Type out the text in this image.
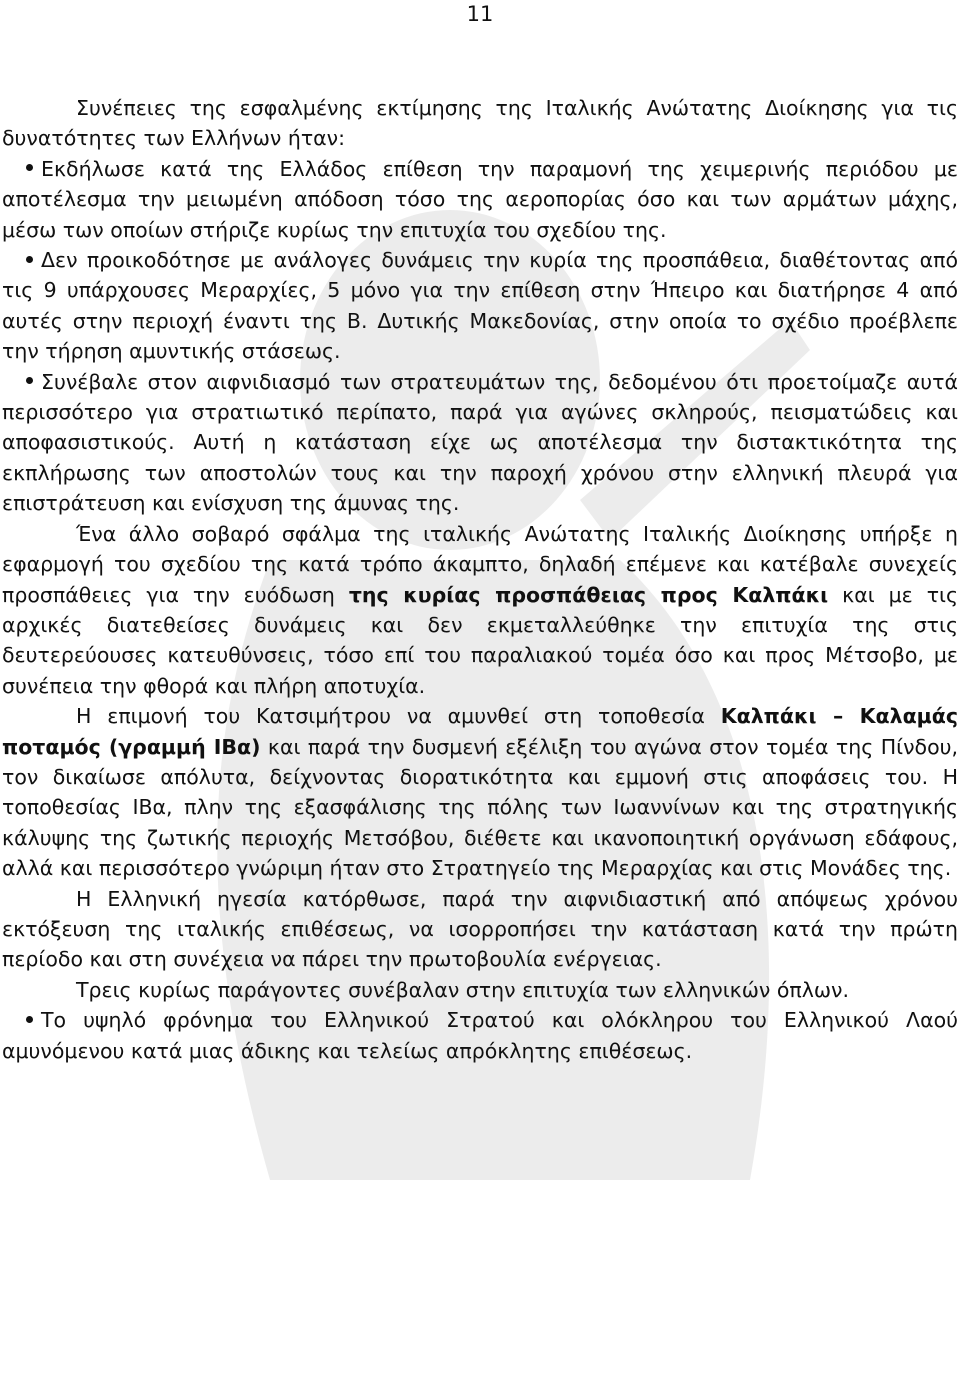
11

Συνέπειες της εσφαλμένης εκτίμησης της Ιταλικής Ανώτατης Διοίκησης για τις δυνατότητες των Ελλήνων ήταν:

Εκδήλωσε κατά της Ελλάδος επίθεση την παραμονή της χειμερινής περιόδου με αποτέλεσμα την μειωμένη απόδοση τόσο της αεροπορίας όσο και των αρμάτων μάχης, μέσω των οποίων στήριζε κυρίως την επιτυχία του σχεδίου της.

Δεν προικοδότησε με ανάλογες δυνάμεις την κυρία της προσπάθεια, διαθέτοντας από τις 9 υπάρχουσες Μεραρχίες, 5 μόνο για την επίθεση στην Ήπειρο και διατήρησε 4 από αυτές στην περιοχή έναντι της Β. Δυτικής Μακεδονίας, στην οποία το σχέδιο προέβλεπε την τήρηση αμυντικής στάσεως.

Συνέβαλε στον αιφνιδιασμό των στρατευμάτων της, δεδομένου ότι προετοίμαζε αυτά περισσότερο για στρατιωτικό περίπατο, παρά για αγώνες σκληρούς, πεισματώδεις και αποφασιστικούς. Αυτή η κατάσταση είχε ως αποτέλεσμα την διστακτικότητα της εκπλήρωσης των αποστολών τους και την παροχή χρόνου στην ελληνική πλευρά για επιστράτευση και ενίσχυση της άμυνας της.

Ένα άλλο σοβαρό σφάλμα της ιταλικής Ανώτατης Ιταλικής Διοίκησης υπήρξε η εφαρμογή του σχεδίου της κατά τρόπο άκαμπτο, δηλαδή επέμενε και κατέβαλε συνεχείς προσπάθειες για την ευόδωση της κυρίας προσπάθειας προς Καλπάκι και με τις αρχικές διατεθείσες δυνάμεις και δεν εκμεταλλεύθηκε την επιτυχία της στις δευτερεύουσες κατευθύνσεις, τόσο επί του παραλιακού τομέα όσο και προς Μέτσοβο, με συνέπεια την φθορά και πλήρη αποτυχία.

Η επιμονή του Κατσιμήτρου να αμυνθεί στη τοποθεσία Καλπάκι – Καλαμάς ποταμός (γραμμή ΙΒα) και παρά την δυσμενή εξέλιξη του αγώνα στον τομέα της Πίνδου, τον δικαίωσε απόλυτα, δείχνοντας διορατικότητα και εμμονή στις αποφάσεις του. Η τοποθεσίας ΙΒα, πλην της εξασφάλισης της πόλης των Ιωαννίνων και της στρατηγικής κάλυψης της ζωτικής περιοχής Μετσόβου, διέθετε και ικανοποιητική οργάνωση εδάφους, αλλά και περισσότερο γνώριμη ήταν στο Στρατηγείο της Μεραρχίας και στις Μονάδες της.

Η Ελληνική ηγεσία κατόρθωσε, παρά την αιφνιδιαστική από απόψεως χρόνου εκτόξευση της ιταλικής επιθέσεως, να ισορροπήσει την κατάσταση κατά την πρώτη περίοδο και στη συνέχεια να πάρει την πρωτοβουλία ενέργειας.

Τρεις κυρίως παράγοντες συνέβαλαν στην επιτυχία των ελληνικών όπλων.

Το υψηλό φρόνημα του Ελληνικού Στρατού και ολόκληρου του Ελληνικού Λαού αμυνόμενου κατά μιας άδικης και τελείως απρόκλητης επιθέσεως.
